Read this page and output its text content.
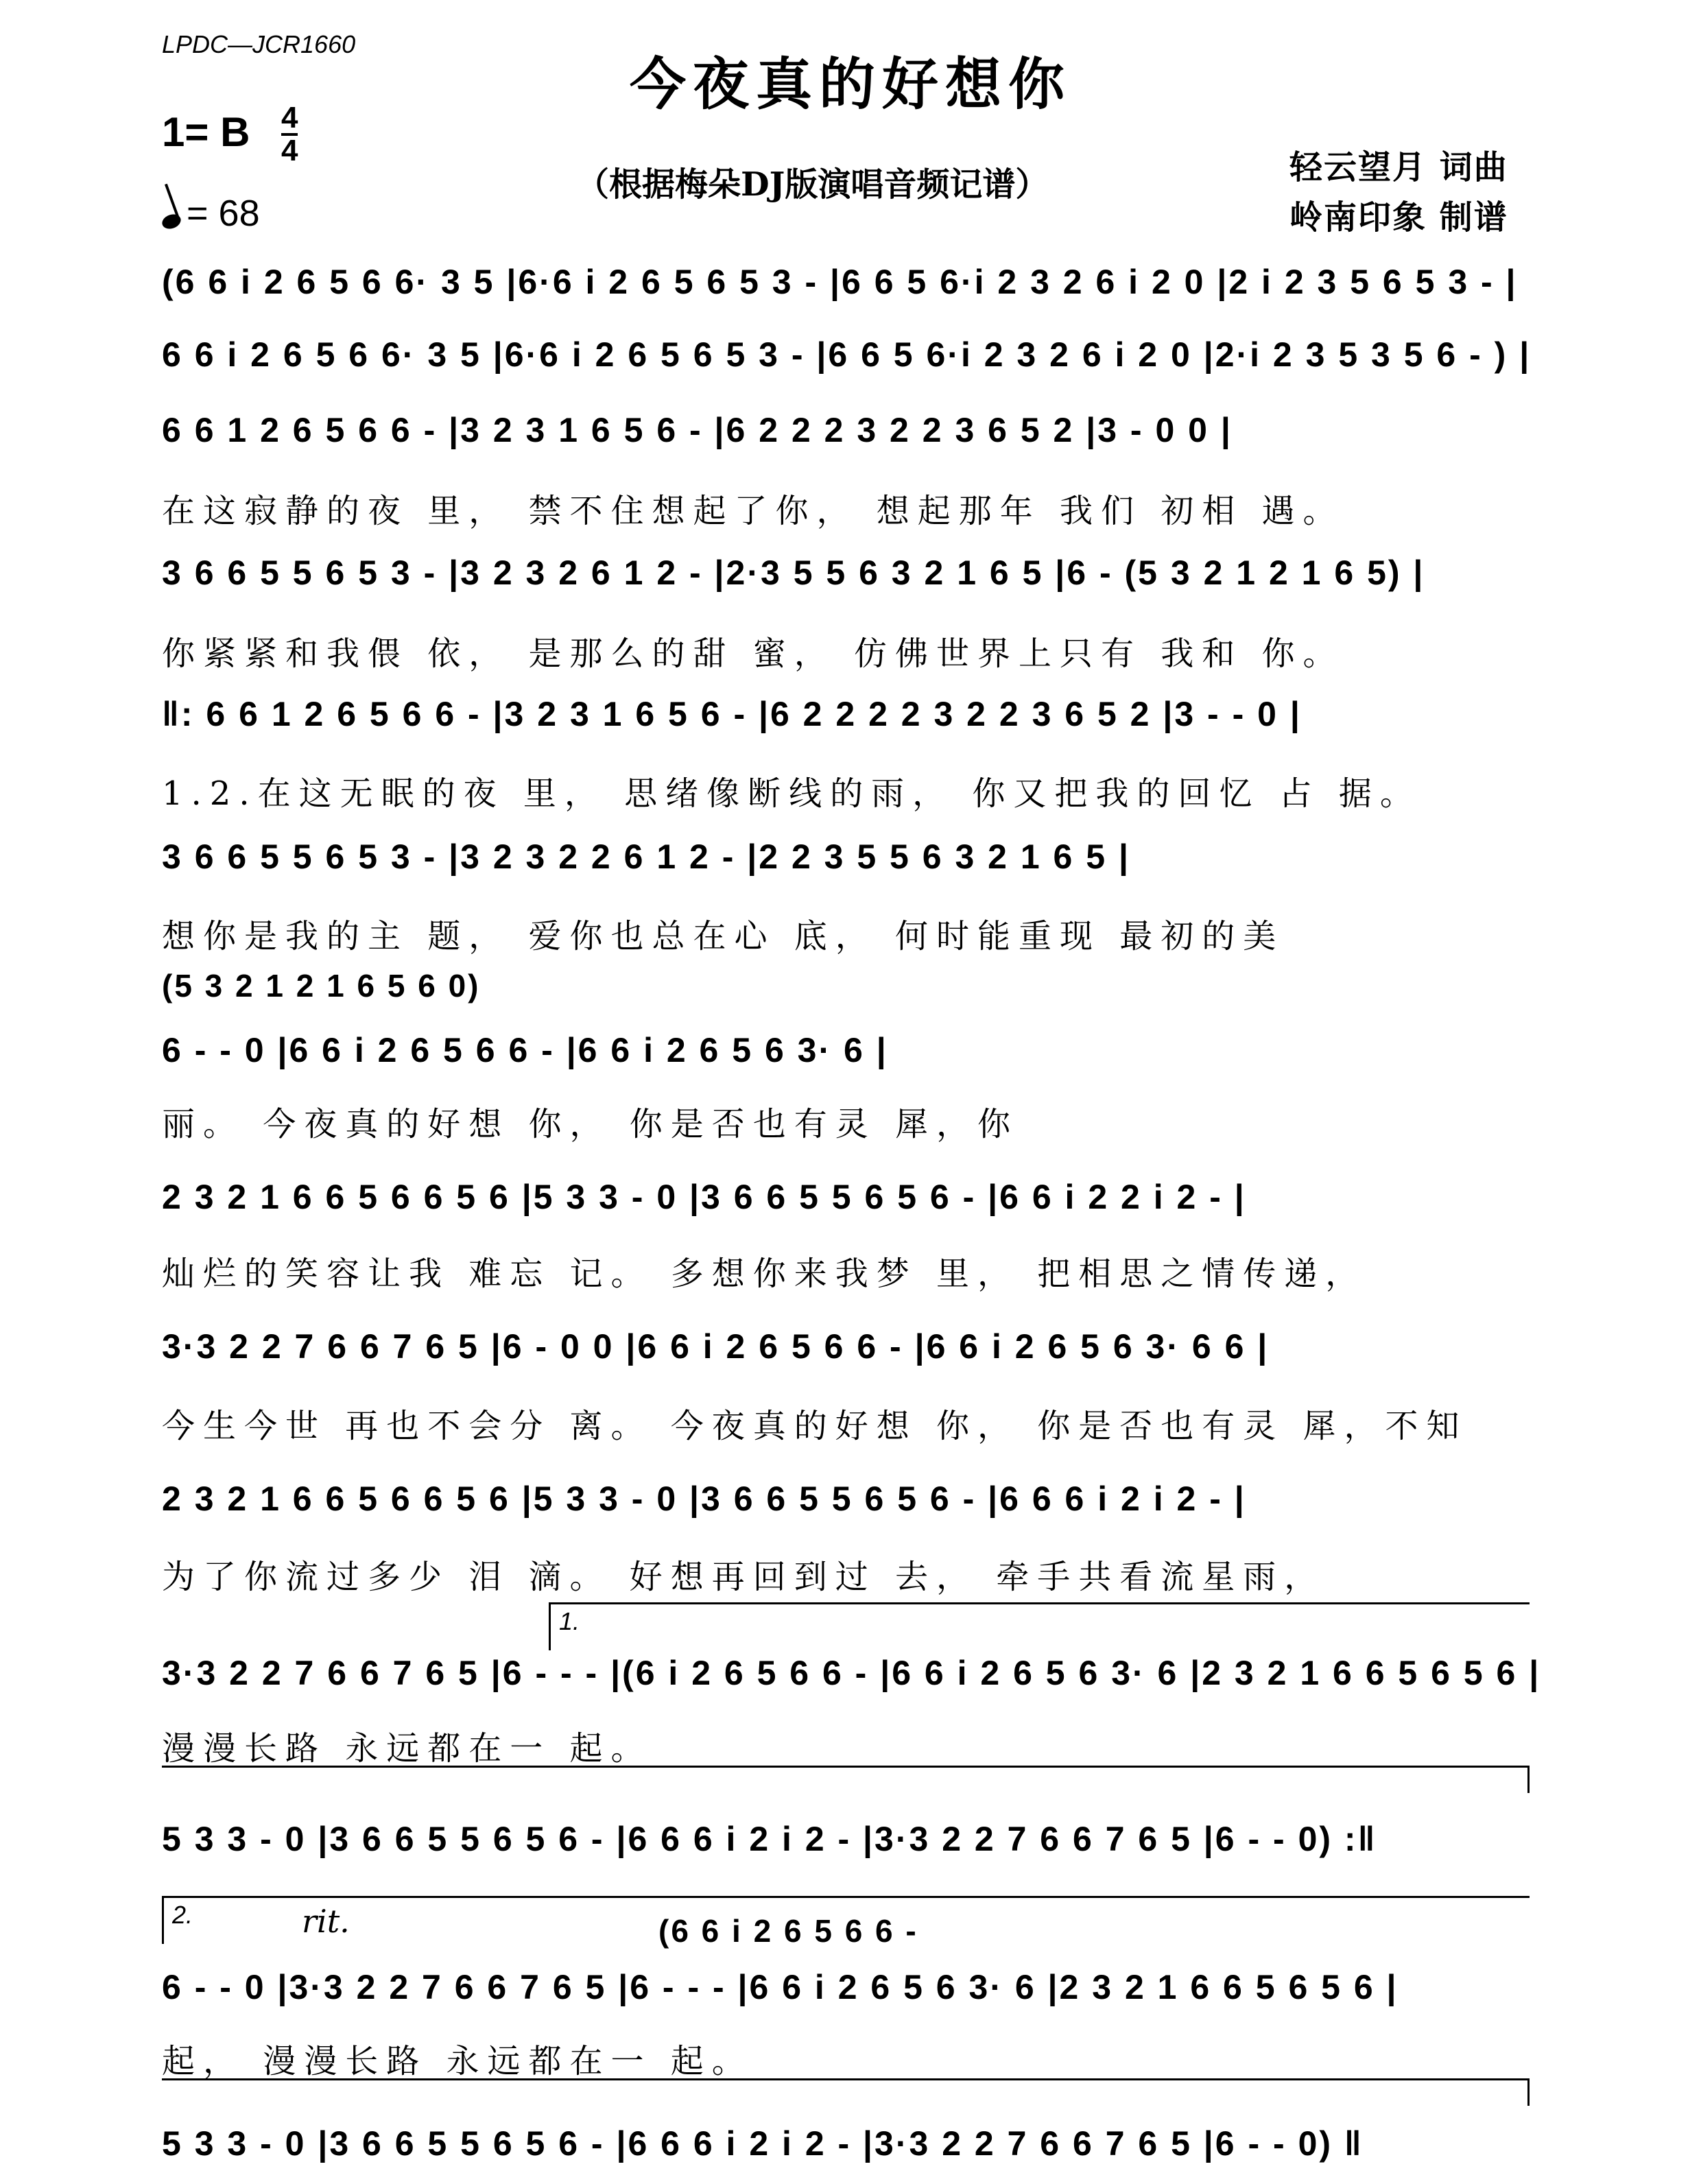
LPDC—JCR1660
今夜真的好想你
1= B 4
4
= 68
（根据梅朵DJ版演唱音频记谱）	轻云望月 词曲
岭南印象 制谱
(6 6 i 2 6 5 6 6· 3 5 |6·6 i 2 6 5 6 5 3 - |6 6 5 6·i 2 3 2 6 i 2 0 |2 i 2 3 5 6 5 3 - |
6 6 i 2 6 5 6 6· 3 5 |6·6 i 2 6 5 6 5 3 - |6 6 5 6·i 2 3 2 6 i 2 0 |2·i 2 3 5 3 5 6 - ) |
6 6 1 2 6 5 6 6 - |3 2 3 1 6 5 6 - |6 2 2 2 3 2 2 3 6 5 2 |3 - 0 0 |
在这寂静的夜 里， 禁不住想起了你， 想起那年 我们 初相 遇。
3 6 6 5 5 6 5 3 - |3 2 3 2 6 1 2 - |2·3 5 5 6 3 2 1 6 5 |6 - (5 3 2 1 2 1 6 5) |
你紧紧和我偎 依， 是那么的甜 蜜， 仿佛世界上只有 我和 你。
‖: 6 6 1 2 6 5 6 6 - |3 2 3 1 6 5 6 - |6 2 2 2 2 3 2 2 3 6 5 2 |3 - - 0 |
1.2.在这无眠的夜 里， 思绪像断线的雨， 你又把我的回忆 占 据。
3 6 6 5 5 6 5 3 - |3 2 3 2 2 6 1 2 - |2 2 3 5 5 6 3 2 1 6 5 |
想你是我的主 题， 爱你也总在心 底， 何时能重现 最初的美
(5 3 2 1 2 1 6 5 6 0)
6 - - 0 |6 6 i 2 6 5 6 6 - |6 6 i 2 6 5 6 3· 6 |
丽。 今夜真的好想 你， 你是否也有灵 犀，你
2 3 2 1 6 6 5 6 6 5 6 |5 3 3 - 0 |3 6 6 5 5 6 5 6 - |6 6 i 2 2 i 2 - |
灿烂的笑容让我 难忘 记。 多想你来我梦 里， 把相思之情传递，
3·3 2 2 7 6 6 7 6 5 |6 - 0 0 |6 6 i 2 6 5 6 6 - |6 6 i 2 6 5 6 3· 6 6 |
今生今世 再也不会分 离。 今夜真的好想 你， 你是否也有灵 犀，不知
2 3 2 1 6 6 5 6 6 5 6 |5 3 3 - 0 |3 6 6 5 5 6 5 6 - |6 6 6 i 2 i 2 - |
为了你流过多少 泪 滴。 好想再回到过 去， 牵手共看流星雨，
1.
3·3 2 2 7 6 6 7 6 5 |6 - - - |(6 i 2 6 5 6 6 - |6 6 i 2 6 5 6 3· 6 |2 3 2 1 6 6 5 6 5 6 |
漫漫长路 永远都在一 起。
5 3 3 - 0 |3 6 6 5 5 6 5 6 - |6 6 6 i 2 i 2 - |3·3 2 2 7 6 6 7 6 5 |6 - - 0) :‖
2.	rit.	(6 6 i 2 6 5 6 6 -
6 - - 0 |3·3 2 2 7 6 6 7 6 5 |6 - - - |6 6 i 2 6 5 6 3· 6 |2 3 2 1 6 6 5 6 5 6 |
起， 漫漫长路 永远都在一 起。
5 3 3 - 0 |3 6 6 5 5 6 5 6 - |6 6 6 i 2 i 2 - |3·3 2 2 7 6 6 7 6 5 |6 - - 0) ‖
